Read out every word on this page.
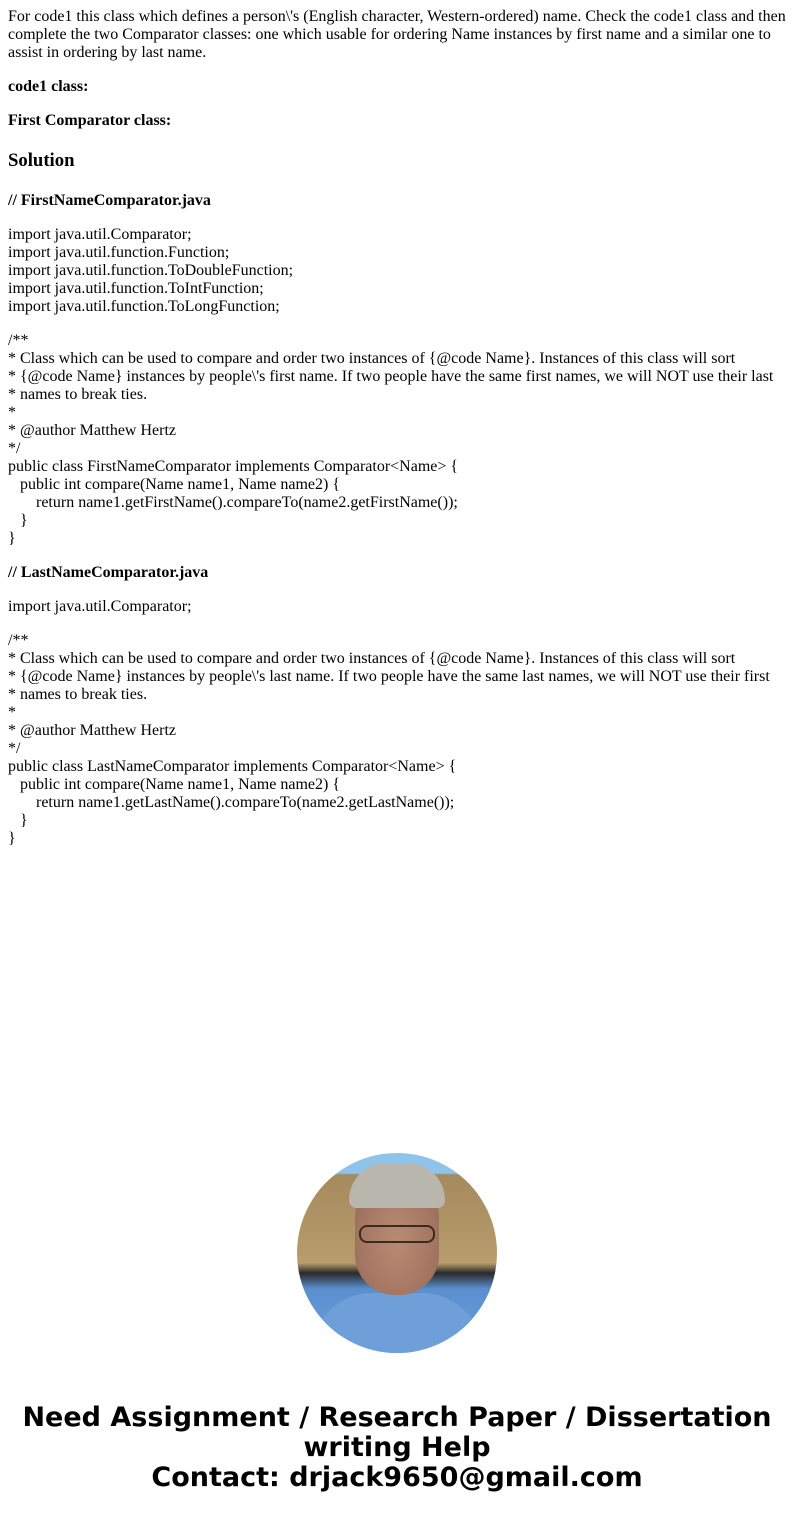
For code1 this class which defines a person\'s (English character, Western-ordered) name. Check the code1 class and then complete the two Comparator classes: one which usable for ordering Name instances by first name and a similar one to assist in ordering by last name.

code1 class:

First Comparator class:

Solution

// FirstNameComparator.java

import java.util.Comparator;
import java.util.function.Function;
import java.util.function.ToDoubleFunction;
import java.util.function.ToIntFunction;
import java.util.function.ToLongFunction;
/**
* Class which can be used to compare and order two instances of {@code Name}. Instances of this class will sort
* {@code Name} instances by people\'s first name. If two people have the same first names, we will NOT use their last
* names to break ties.
*
* @author Matthew Hertz
*/
public class FirstNameComparator implements Comparator<Name> {
public int compare(Name name1, Name name2) {
return name1.getFirstName().compareTo(name2.getFirstName());
}
}

// LastNameComparator.java

import java.util.Comparator;
/**
* Class which can be used to compare and order two instances of {@code Name}. Instances of this class will sort
* {@code Name} instances by people\'s last name. If two people have the same last names, we will NOT use their first
* names to break ties.
*
* @author Matthew Hertz
*/
public class LastNameComparator implements Comparator<Name> {
public int compare(Name name1, Name name2) {
return name1.getLastName().compareTo(name2.getLastName());
}
}
Need Assignment / Research Paper / Dissertation
writing Help
Contact: drjack9650@gmail.com
